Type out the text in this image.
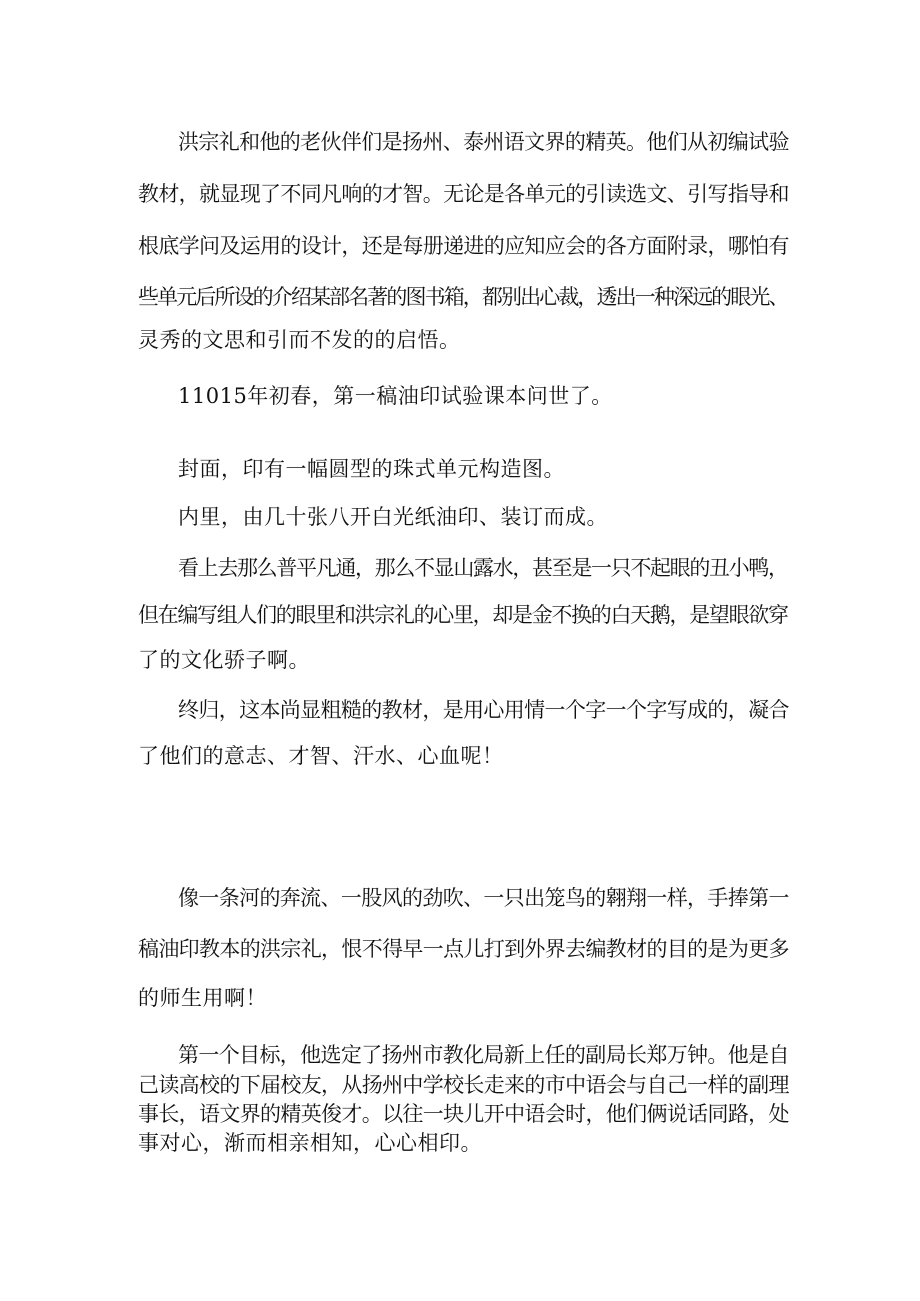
洪宗礼和他的老伙伴们是扬州、泰州语文界的精英。他们从初编试验
教材，就显现了不同凡响的才智。无论是各单元的引读选文、引写指导和
根底学问及运用的设计，还是每册递进的应知应会的各方面附录，哪怕有
些单元后所设的介绍某部名著的图书箱，都别出心裁，透出一种深远的眼光、
灵秀的文思和引而不发的的启悟。
11015年初春，第一稿油印试验课本问世了。
封面，印有一幅圆型的珠式单元构造图。
内里，由几十张八开白光纸油印、装订而成。
看上去那么普平凡通，那么不显山露水，甚至是一只不起眼的丑小鸭，
但在编写组人们的眼里和洪宗礼的心里，却是金不换的白天鹅，是望眼欲穿
了的文化骄子啊。
终归，这本尚显粗糙的教材，是用心用情一个字一个字写成的，凝合
了他们的意志、才智、汗水、心血呢！
像一条河的奔流、一股风的劲吹、一只出笼鸟的翱翔一样，手捧第一
稿油印教本的洪宗礼，恨不得早一点儿打到外界去编教材的目的是为更多
的师生用啊！
第一个目标，他选定了扬州市教化局新上任的副局长郑万钟。他是自
己读高校的下届校友，从扬州中学校长走来的市中语会与自己一样的副理
事长，语文界的精英俊才。以往一块儿开中语会时，他们俩说话同路，处
事对心，渐而相亲相知，心心相印。
